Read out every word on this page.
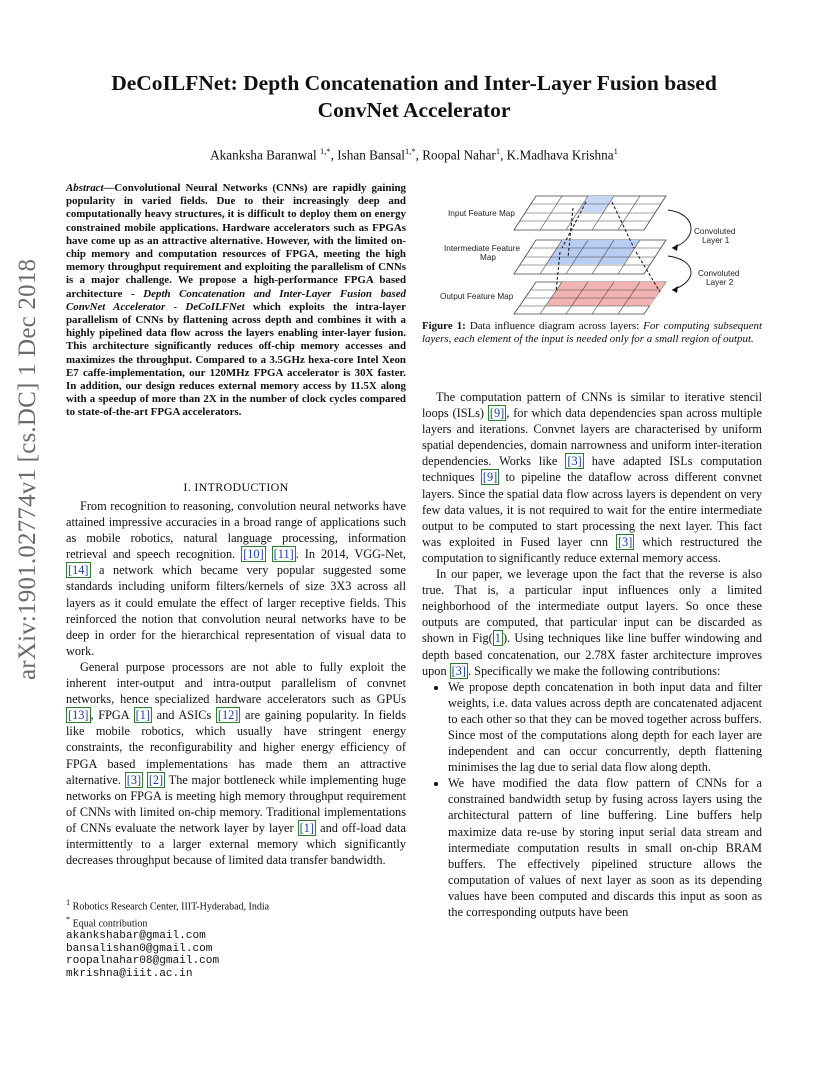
arXiv:1901.02774v1 [cs.DC] 1 Dec 2018
DeCoILFNet: Depth Concatenation and Inter-Layer Fusion based
ConvNet Accelerator
Akanksha Baranwal $^{1,*}$, Ishan Bansal$^{1,*}$, Roopal Nahar$^1$, K.Madhava Krishna$^1$
Abstract—Convolutional Neural Networks (CNNs) are rapidly gaining popularity in varied fields. Due to their increasingly deep and computationally heavy structures, it is difficult to deploy them on energy constrained mobile applications. Hardware accelerators such as FPGAs have come up as an attractive alternative. However, with the limited on-chip memory and computation resources of FPGA, meeting the high memory throughput requirement and exploiting the parallelism of CNNs is a major challenge. We propose a high-performance FPGA based architecture - Depth Concatenation and Inter-Layer Fusion based ConvNet Accelerator - DeCoILFNet which exploits the intra-layer parallelism of CNNs by flattening across depth and combines it with a highly pipelined data flow across the layers enabling inter-layer fusion. This architecture significantly reduces off-chip memory accesses and maximizes the throughput. Compared to a 3.5GHz hexa-core Intel Xeon E7 caffe-implementation, our 120MHz FPGA accelerator is 30X faster. In addition, our design reduces external memory access by 11.5X along with a speedup of more than 2X in the number of clock cycles compared to state-of-the-art FPGA accelerators.
I. INTRODUCTION

From recognition to reasoning, convolution neural networks have attained impressive accuracies in a broad range of applications such as mobile robotics, natural language processing, information retrieval and speech recognition. [10] [11] . In 2014, VGG-Net, [14] a network which became very popular suggested some standards including uniform filters/kernels of size 3X3 across all layers as it could emulate the effect of larger receptive fields. This reinforced the notion that convolution neural networks have to be deep in order for the hierarchical representation of visual data to work.

General purpose processors are not able to fully exploit the inherent inter-output and intra-output parallelism of convnet networks, hence specialized hardware accelerators such as GPUs [13] , FPGA [1] and ASICs [12] are gaining popularity. In fields like mobile robotics, which usually have stringent energy constraints, the reconfigurability and higher energy efficiency of FPGA based implementations has made them an attractive alternative. [3] [2] The major bottleneck while implementing huge networks on FPGA is meeting high memory throughput requirement of CNNs with limited on-chip memory. Traditional implementations of CNNs evaluate the network layer by layer [1] and off-load data intermittently to a larger external memory which significantly decreases throughput because of limited data transfer bandwidth.

$^1$ Robotics Research Center, IIIT-Hyderabad, India
* Equal contribution
akankshabar@gmail.com
bansalishan0@gmail.com
roopalnahar08@gmail.com
mkrishna@iiit.ac.in
Input Feature Map
Intermediate Feature
Map
Output Feature Map
Convoluted
Layer 1
Convoluted
Layer 2
Figure 1: Data influence diagram across layers: For computing subsequent layers, each element of the input is needed only for a small region of output.

The computation pattern of CNNs is similar to iterative stencil loops (ISLs) [9] , for which data dependencies span across multiple layers and iterations. Convnet layers are characterised by uniform spatial dependencies, domain narrowness and uniform inter-iteration dependencies. Works like [3] have adapted ISLs computation techniques [9] to pipeline the dataflow across different convnet layers. Since the spatial data flow across layers is dependent on very few data values, it is not required to wait for the entire intermediate output to be computed to start processing the next layer. This fact was exploited in Fused layer cnn [3] which restructured the computation to significantly reduce external memory access.

In our paper, we leverage upon the fact that the reverse is also true. That is, a particular input influences only a limited neighborhood of the intermediate output layers. So once these outputs are computed, that particular input can be discarded as shown in Fig( 1 ). Using techniques like line buffer windowing and depth based concatenation, our 2.78X faster architecture improves upon [3] . Specifically we make the following contributions:

• We propose depth concatenation in both input data and filter weights, i.e. data values across depth are concatenated adjacent to each other so that they can be moved together across buffers. Since most of the computations along depth for each layer are independent and can occur concurrently, depth flattening minimises the lag due to serial data flow along depth.
• We have modified the data flow pattern of CNNs for a constrained bandwidth setup by fusing across layers using the architectural pattern of line buffering. Line buffers help maximize data re-use by storing input serial data stream and intermediate computation results in small on-chip BRAM buffers. The effectively pipelined structure allows the computation of values of next layer as soon as its depending values have been computed and discards this input as soon as the corresponding outputs have been
